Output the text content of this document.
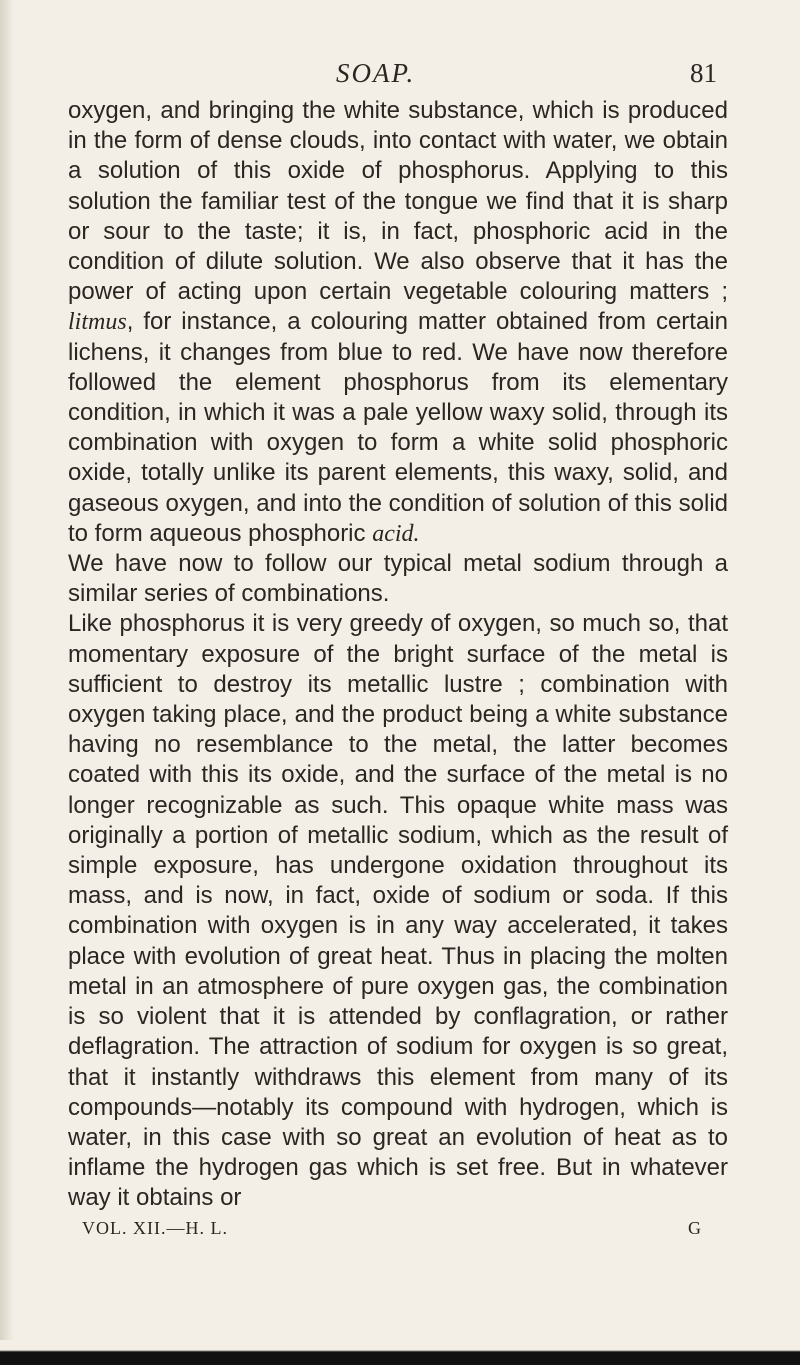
SOAP.	81

oxygen, and bringing the white substance, which is produced in the form of dense clouds, into contact with water, we obtain a solution of this oxide of phosphorus. Applying to this solution the familiar test of the tongue we find that it is sharp or sour to the taste; it is, in fact, phosphoric acid in the condition of dilute solution. We also observe that it has the power of acting upon certain vegetable colouring matters ; litmus, for instance, a colouring matter obtained from certain lichens, it changes from blue to red. We have now therefore followed the element phosphorus from its elementary condition, in which it was a pale yellow waxy solid, through its combination with oxygen to form a white solid phosphoric oxide, totally unlike its parent elements, this waxy, solid, and gaseous oxygen, and into the condition of solution of this solid to form aqueous phosphoric acid.

We have now to follow our typical metal sodium through a similar series of combinations.

Like phosphorus it is very greedy of oxygen, so much so, that momentary exposure of the bright surface of the metal is sufficient to destroy its metallic lustre ; combination with oxygen taking place, and the product being a white substance having no resemblance to the metal, the latter becomes coated with this its oxide, and the surface of the metal is no longer recognizable as such. This opaque white mass was originally a portion of metallic sodium, which as the result of simple exposure, has undergone oxidation throughout its mass, and is now, in fact, oxide of sodium or soda. If this combination with oxygen is in any way accelerated, it takes place with evolution of great heat. Thus in placing the molten metal in an atmosphere of pure oxygen gas, the combination is so violent that it is attended by conflagration, or rather deflagration. The attraction of sodium for oxygen is so great, that it instantly withdraws this element from many of its compounds—notably its compound with hydrogen, which is water, in this case with so great an evolution of heat as to inflame the hydrogen gas which is set free. But in whatever way it obtains or

VOL. XII.—H. L.	G
